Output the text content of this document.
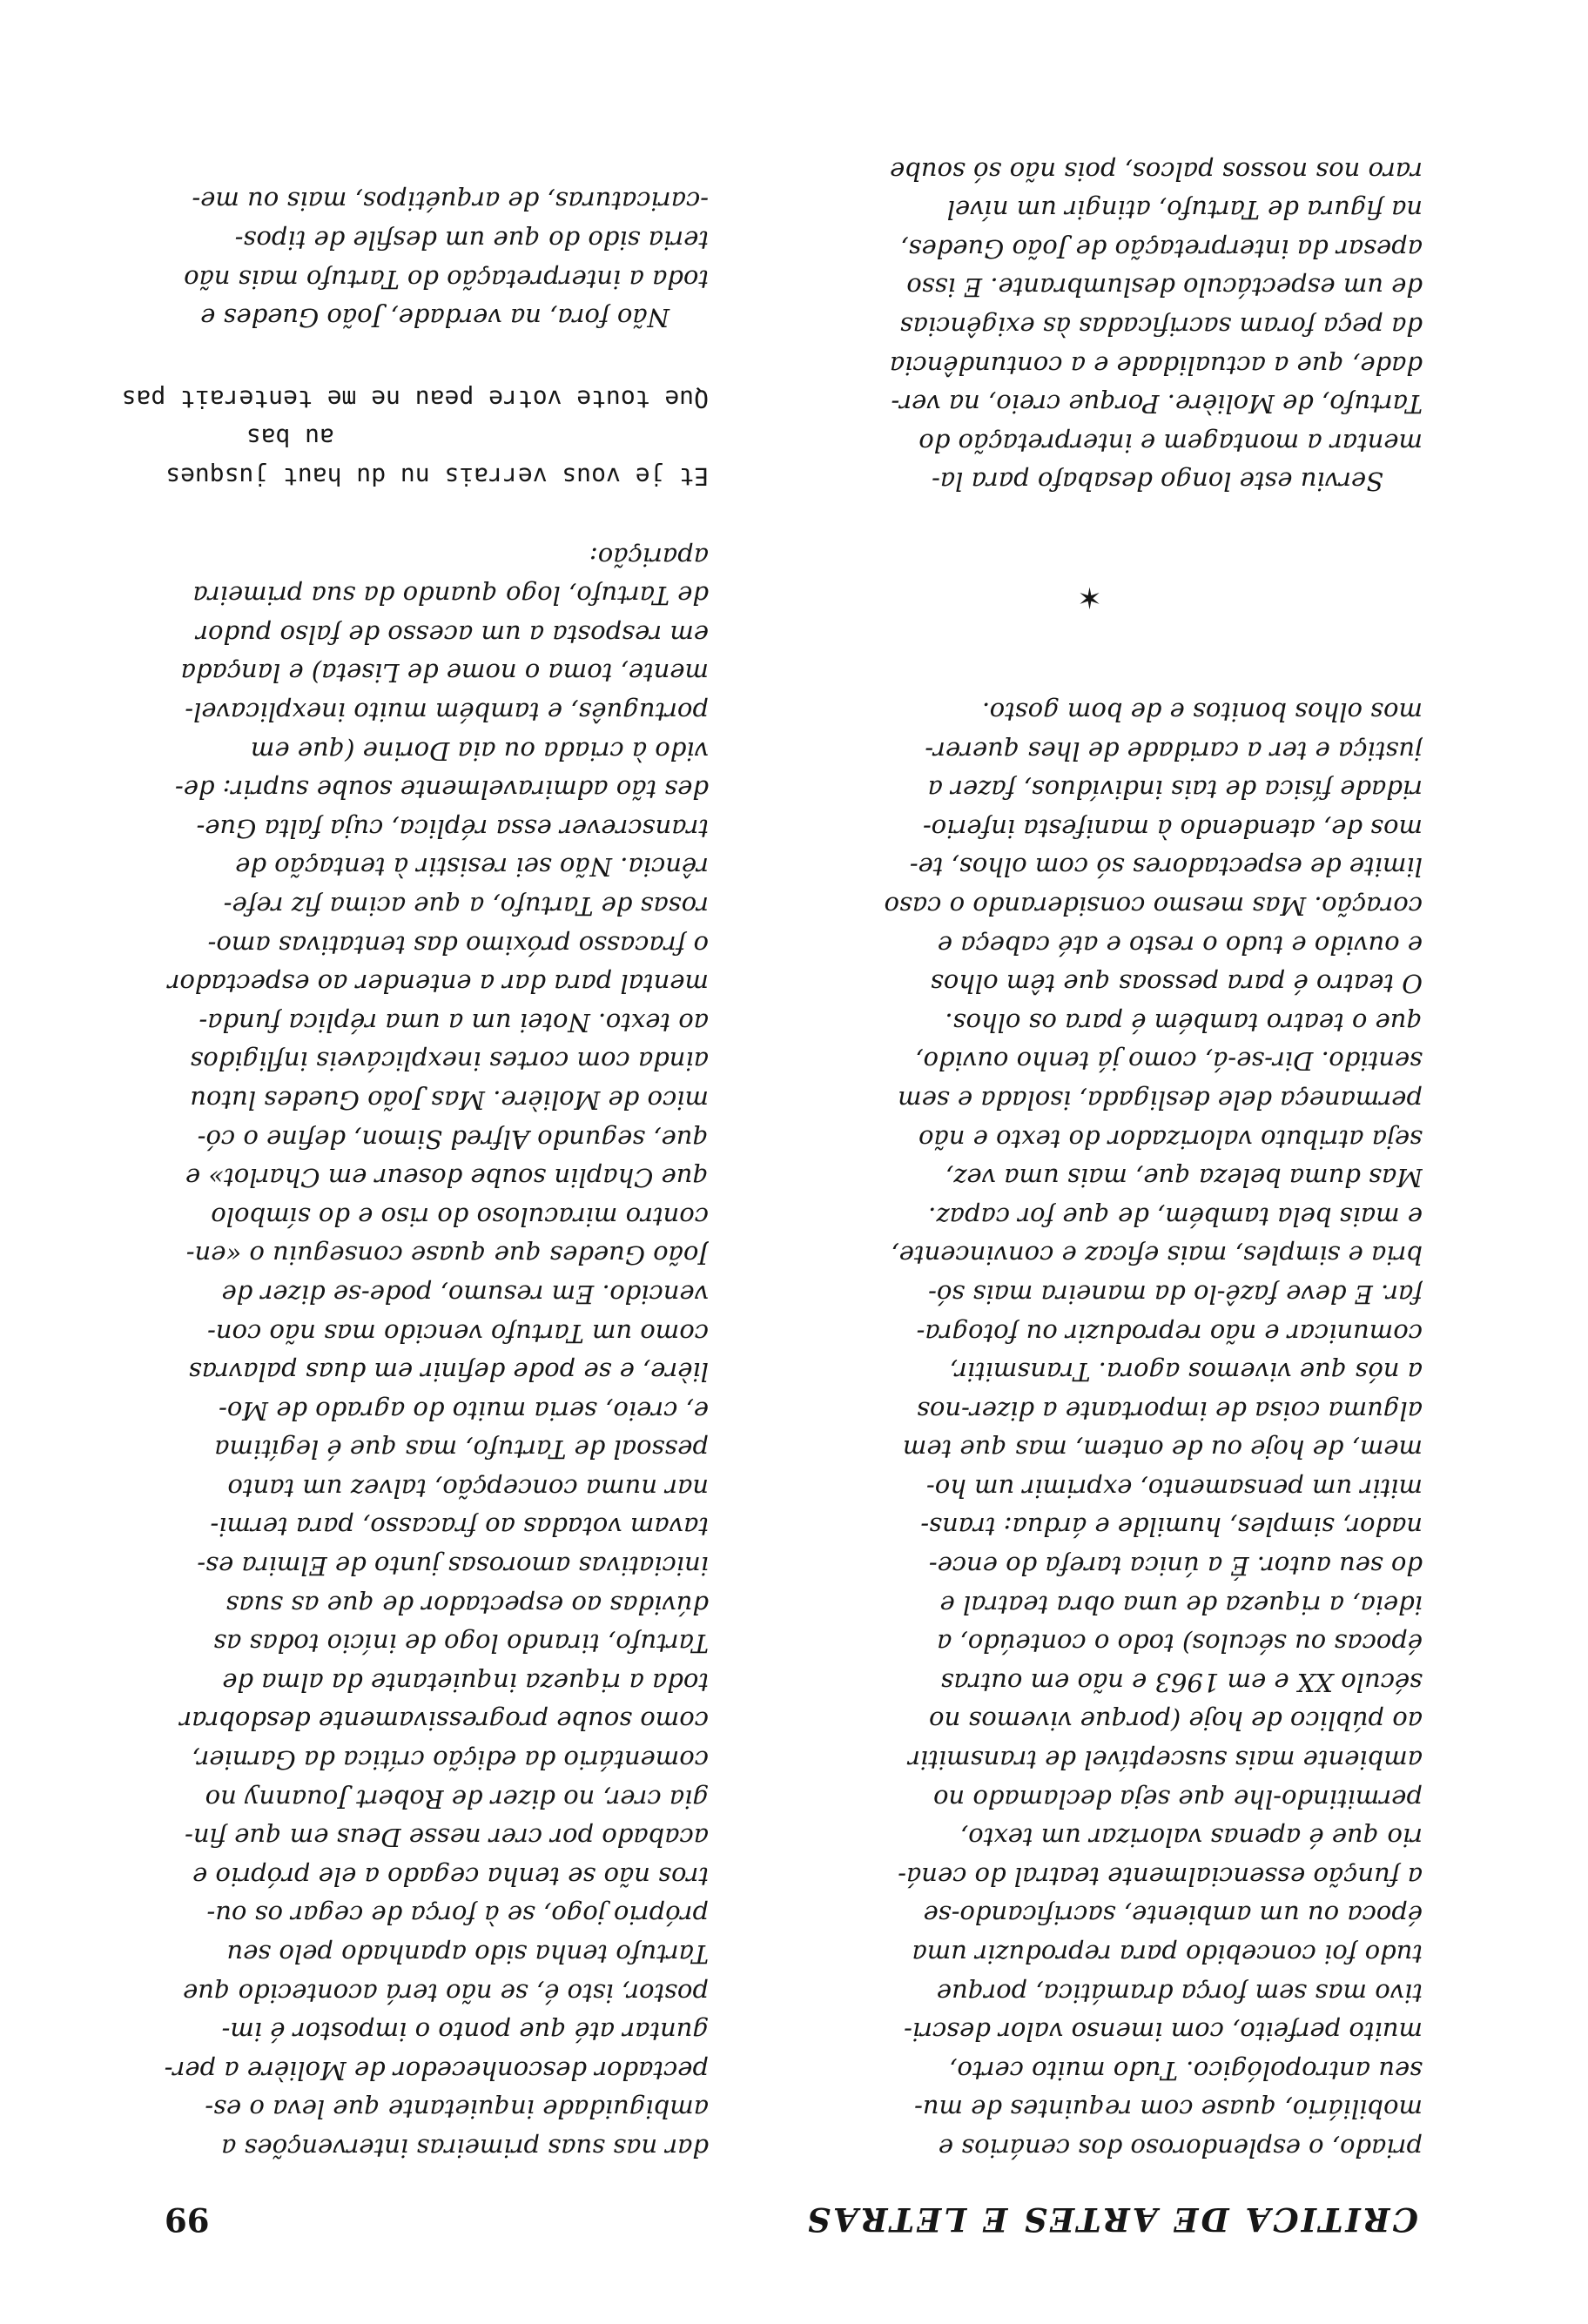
CRITICA DE ARTES E LETRAS
99

priado, o esplendoroso dos cenários e
mobiliário, quase com requintes de mu-
seu antropológico. Tudo muito certo,
muito perfeito, com imenso valor descri-
tivo mas sem força dramática, porque
tudo foi concebido para reproduzir uma
época ou um ambiente, sacrificando-se
a função essencialmente teatral do cená-
rio que é apenas valorizar um texto,
permitindo-lhe que seja declamado no
ambiente mais susceptível de transmitir
ao público de hoje (porque vivemos no
século XX e em 1963 e não em outras
épocas ou séculos) todo o conteúdo, a
ideia, a riqueza de uma obra teatral e
do seu autor. É a única tarefa do ence-
nador, simples, humilde e árdua: trans-
mitir um pensamento, exprimir um ho-
mem, de hoje ou de ontem, mas que tem
alguma coisa de importante a dizer-nos
a nós que vivemos agora. Transmitir,
comunicar e não reproduzir ou fotogra-
far. E deve fazê-lo da maneira mais só-
bria e simples, mais eficaz e convincente,
e mais bela também, de que for capaz.
Mas duma beleza que, mais uma vez,
seja atributo valorizador do texto e não
permaneça dele desligada, isolada e sem
sentido. Dir-se-á, como já tenho ouvido,
que o teatro também é para os olhos.
O teatro é para pessoas que têm olhos
e ouvido e tudo o resto e até cabeça e
coração. Mas mesmo considerando o caso
limite de espectadores só com olhos, te-
mos de, atendendo à manifesta inferio-
ridade física de tais indivíduos, fazer a
justiça e ter a caridade de lhes querer-
mos olhos bonitos e de bom gosto.

✶

Serviu este longo desabafo para la-
mentar a montagem e interpretação do
Tartufo, de Molière. Porque creio, na ver-
dade, que a actualidade e a contundência
da peça foram sacrificadas às exigências
de um espectáculo deslumbrante. E isso
apesar da interpretação de João Guedes,
na figura de Tartufo, atingir um nível
raro nos nossos palcos, pois não só soube

dar nas suas primeiras intervenções a
ambiguidade inquietante que leva o es-
pectador desconhecedor de Molière a per-
guntar até que ponto o impostor é im-
postor, isto é, se não terá acontecido que
Tartufo tenha sido apanhado pelo seu
próprio jogo, se à força de cegar os ou-
tros não se tenha cegado a ele próprio e
acabado por crer nesse Deus em que fin-
gia crer, no dizer de Robert Jouanny no
comentário da edição crítica da Garnier,
como soube progressivamente desdobrar
toda a riqueza inquietante da alma de
Tartufo, tirando logo de início todas as
dúvidas ao espectador de que as suas
iniciativas amorosas junto de Elmira es-
tavam votadas ao fracasso, para termi-
nar numa concepção, talvez um tanto
pessoal de Tartufo, mas que é legítima
e, creio, seria muito do agrado de Mo-
lière, e se pode definir em duas palavras
como um Tartufo vencido mas não con-
vencido. Em resumo, pode-se dizer de
João Guedes que quase conseguiu o «en-
contro miraculoso do riso e do símbolo
que Chaplin soube doseur em Charlot» e
que, segundo Alfred Simon, define o có-
mico de Molière. Mas João Guedes lutou
ainda com cortes inexplicáveis infligidos
ao texto. Notei um a uma réplica funda-
mental para dar a entender ao espectador
o fracasso próximo das tentativas amo-
rosas de Tartufo, a que acima fiz refe-
rência. Não sei resistir à tentação de
transcrever essa réplica, cuja falta Gue-
des tão admiravelmente soube suprir: de-
vido à criada ou aia Dorine (que em
português, e também muito inexplicavel-
mente, toma o nome de Liseta) e lançada
em resposta a um acesso de falso pudor
de Tartufo, logo quando da sua primeira
aparição:

Et je vous verrais nu du haut jusques
au bas
Que toute votre peau ne me tenterait pas

Não fora, na verdade, João Guedes e
toda a interpretação do Tartufo mais não
teria sido do que um desfile de tipos-
-caricaturas, de arquétipos, mais ou me-
